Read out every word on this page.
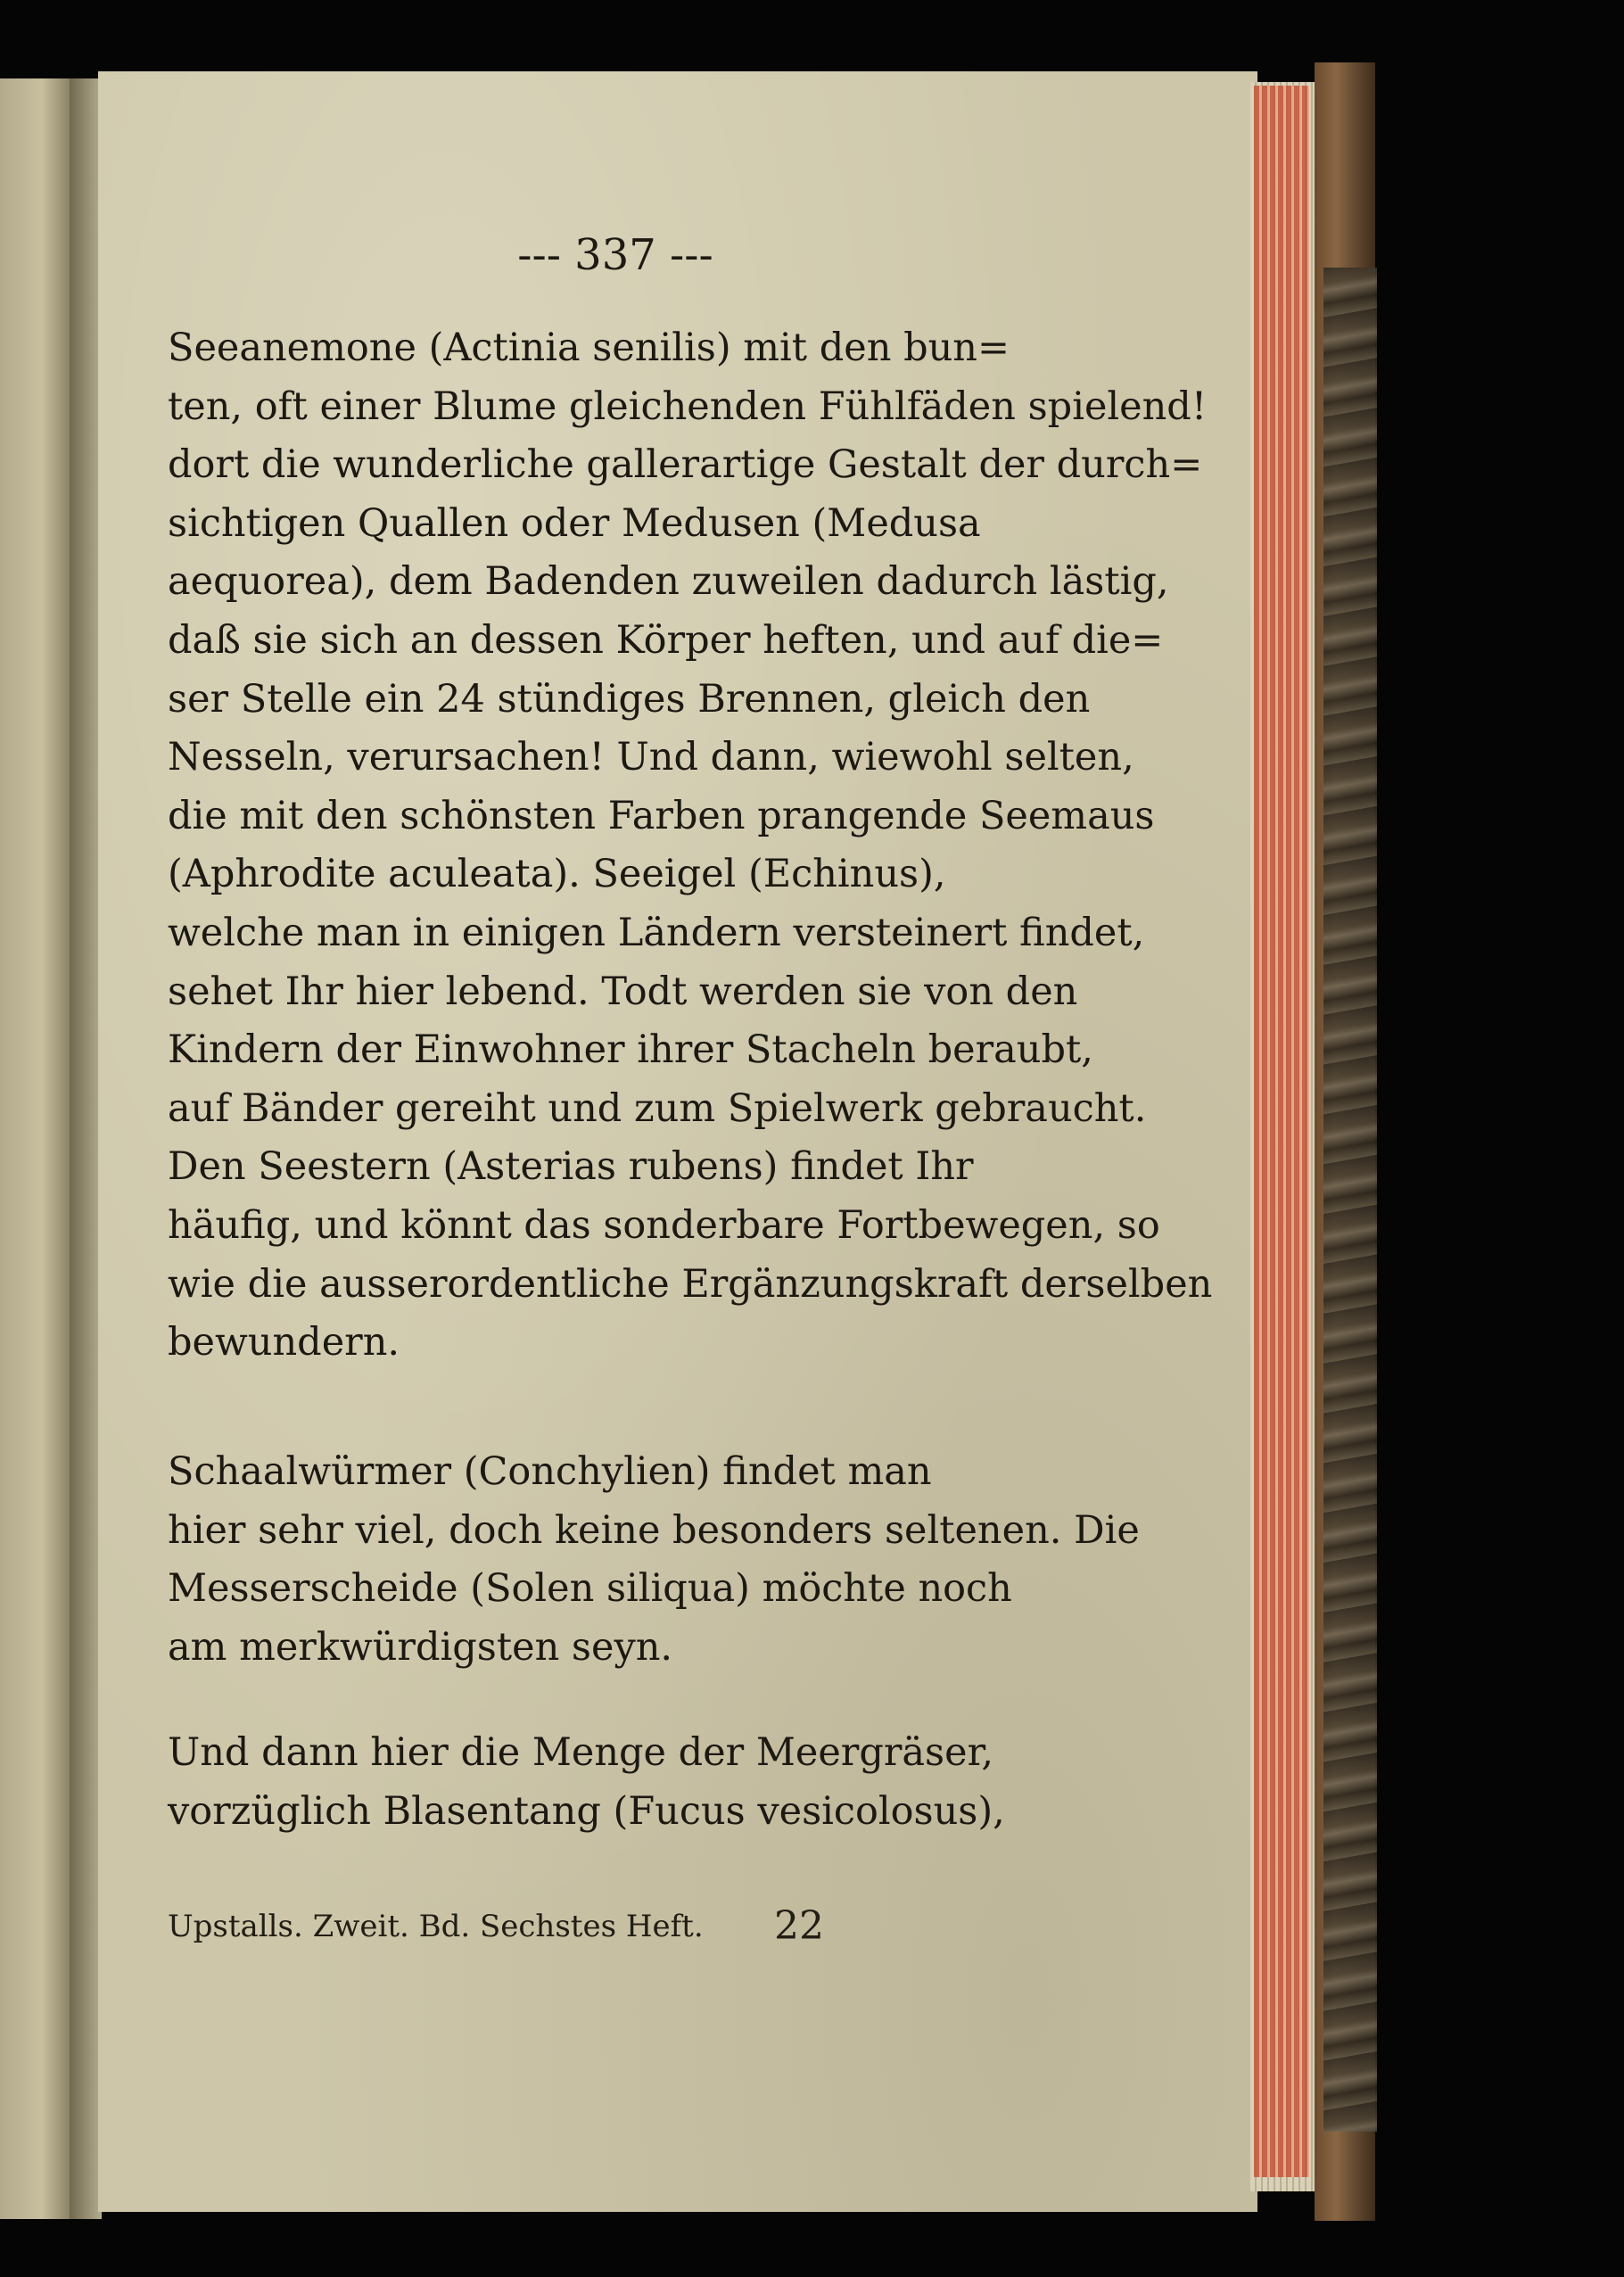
--- 337 ---
Seeanemone (Actinia senilis) mit den bun=
ten, oft einer Blume gleichenden Fühlfäden spielend!
dort die wunderliche gallerartige Gestalt der durch=
sichtigen Quallen oder Medusen (Medusa
aequorea), dem Badenden zuweilen dadurch lästig,
daß sie sich an dessen Körper heften, und auf die=
ser Stelle ein 24 stündiges Brennen, gleich den
Nesseln, verursachen! Und dann, wiewohl selten,
die mit den schönsten Farben prangende Seemaus
(Aphrodite aculeata). Seeigel (Echinus),
welche man in einigen Ländern versteinert findet,
sehet Ihr hier lebend. Todt werden sie von den
Kindern der Einwohner ihrer Stacheln beraubt,
auf Bänder gereiht und zum Spielwerk gebraucht.
Den Seestern (Asterias rubens) findet Ihr
häufig, und könnt das sonderbare Fortbewegen, so
wie die ausserordentliche Ergänzungskraft derselben
bewundern.
Schaalwürmer (Conchylien) findet man
hier sehr viel, doch keine besonders seltenen. Die
Messerscheide (Solen siliqua) möchte noch
am merkwürdigsten seyn.
Und dann hier die Menge der Meergräser,
vorzüglich Blasentang (Fucus vesicolosus),
Upstalls. Zweit. Bd. Sechstes Heft. 22
